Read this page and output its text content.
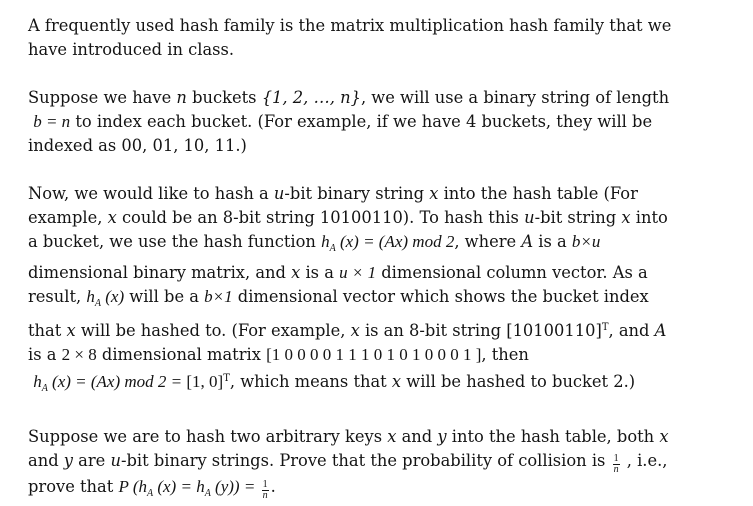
A frequently used hash family is the matrix multiplication hash family that we
have introduced in class.

Suppose we have n buckets {1, 2, …, n}, we will use a binary string of length
b = n to index each bucket. (For example, if we have 4 buckets, they will be
indexed as 00, 01, 10, 11.)

Now, we would like to hash a u-bit binary string x into the hash table (For
example, x could be an 8-bit string 10100110). To hash this u-bit string x into
a bucket, we use the hash function $h_A$ (x) = (Ax) mod 2, where A is a b×u
dimensional binary matrix, and x is a u × 1 dimensional column vector. As a
result, $h_A$ (x) will be a b×1 dimensional vector which shows the bucket index
that x will be hashed to. (For example, x is an 8-bit string $[10100110]^T$, and A
is a 2 × 8 dimensional matrix [1 0 0 0 0 1 1 1 0 1 0 1 0 0 0 1 ], then
$h_A$ (x) = (Ax) mod 2 = [1, 0]$^T$, which means that x will be hashed to bucket 2.)

Suppose we are to hash two arbitrary keys x and y into the hash table, both x
and y are u-bit binary strings. Prove that the probability of collision is $\frac{1}{n}$ , i.e.,
prove that P ($h_A$ $(x) = h_A$ $(y)) = \frac{1}{n}$ .
